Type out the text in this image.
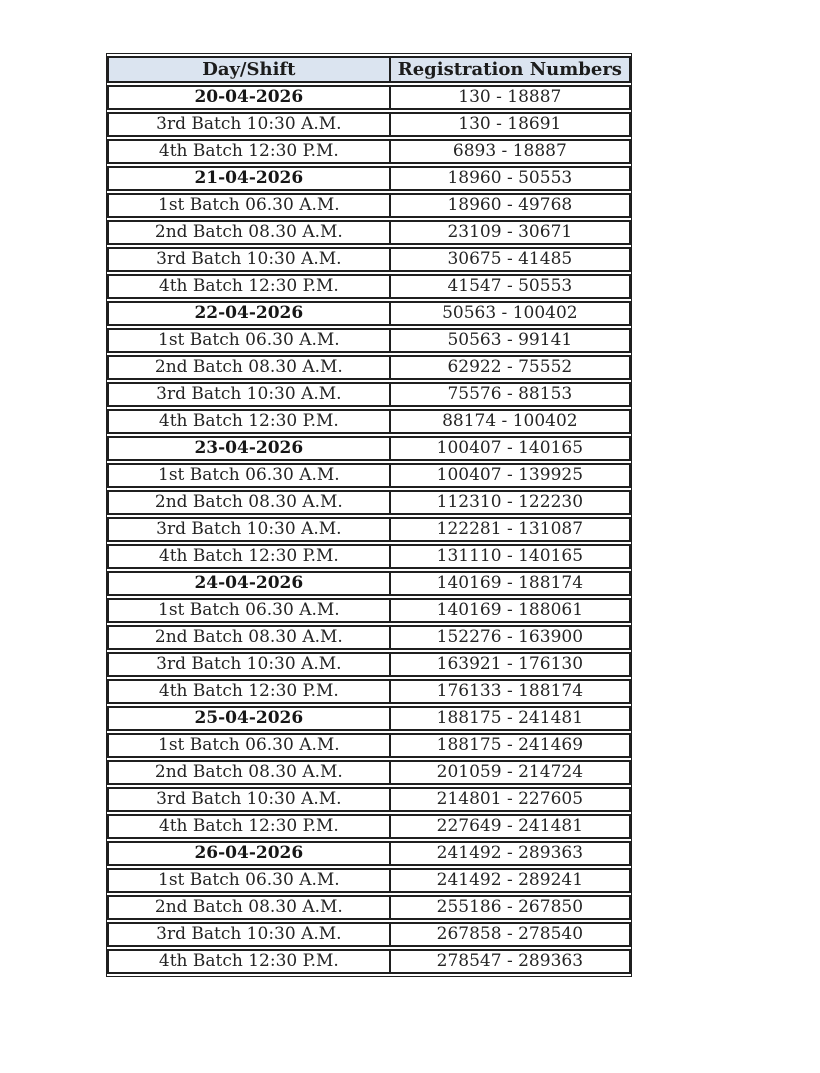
Day/Shift	Registration Numbers
20-04-2026	130 - 18887
3rd Batch 10:30 A.M.	130 - 18691
4th Batch 12:30 P.M.	6893 - 18887
21-04-2026	18960 - 50553
1st Batch 06.30 A.M.	18960 - 49768
2nd Batch 08.30 A.M.	23109 - 30671
3rd Batch 10:30 A.M.	30675 - 41485
4th Batch 12:30 P.M.	41547 - 50553
22-04-2026	50563 - 100402
1st Batch 06.30 A.M.	50563 - 99141
2nd Batch 08.30 A.M.	62922 - 75552
3rd Batch 10:30 A.M.	75576 - 88153
4th Batch 12:30 P.M.	88174 - 100402
23-04-2026	100407 - 140165
1st Batch 06.30 A.M.	100407 - 139925
2nd Batch 08.30 A.M.	112310 - 122230
3rd Batch 10:30 A.M.	122281 - 131087
4th Batch 12:30 P.M.	131110 - 140165
24-04-2026	140169 - 188174
1st Batch 06.30 A.M.	140169 - 188061
2nd Batch 08.30 A.M.	152276 - 163900
3rd Batch 10:30 A.M.	163921 - 176130
4th Batch 12:30 P.M.	176133 - 188174
25-04-2026	188175 - 241481
1st Batch 06.30 A.M.	188175 - 241469
2nd Batch 08.30 A.M.	201059 - 214724
3rd Batch 10:30 A.M.	214801 - 227605
4th Batch 12:30 P.M.	227649 - 241481
26-04-2026	241492 - 289363
1st Batch 06.30 A.M.	241492 - 289241
2nd Batch 08.30 A.M.	255186 - 267850
3rd Batch 10:30 A.M.	267858 - 278540
4th Batch 12:30 P.M.	278547 - 289363
